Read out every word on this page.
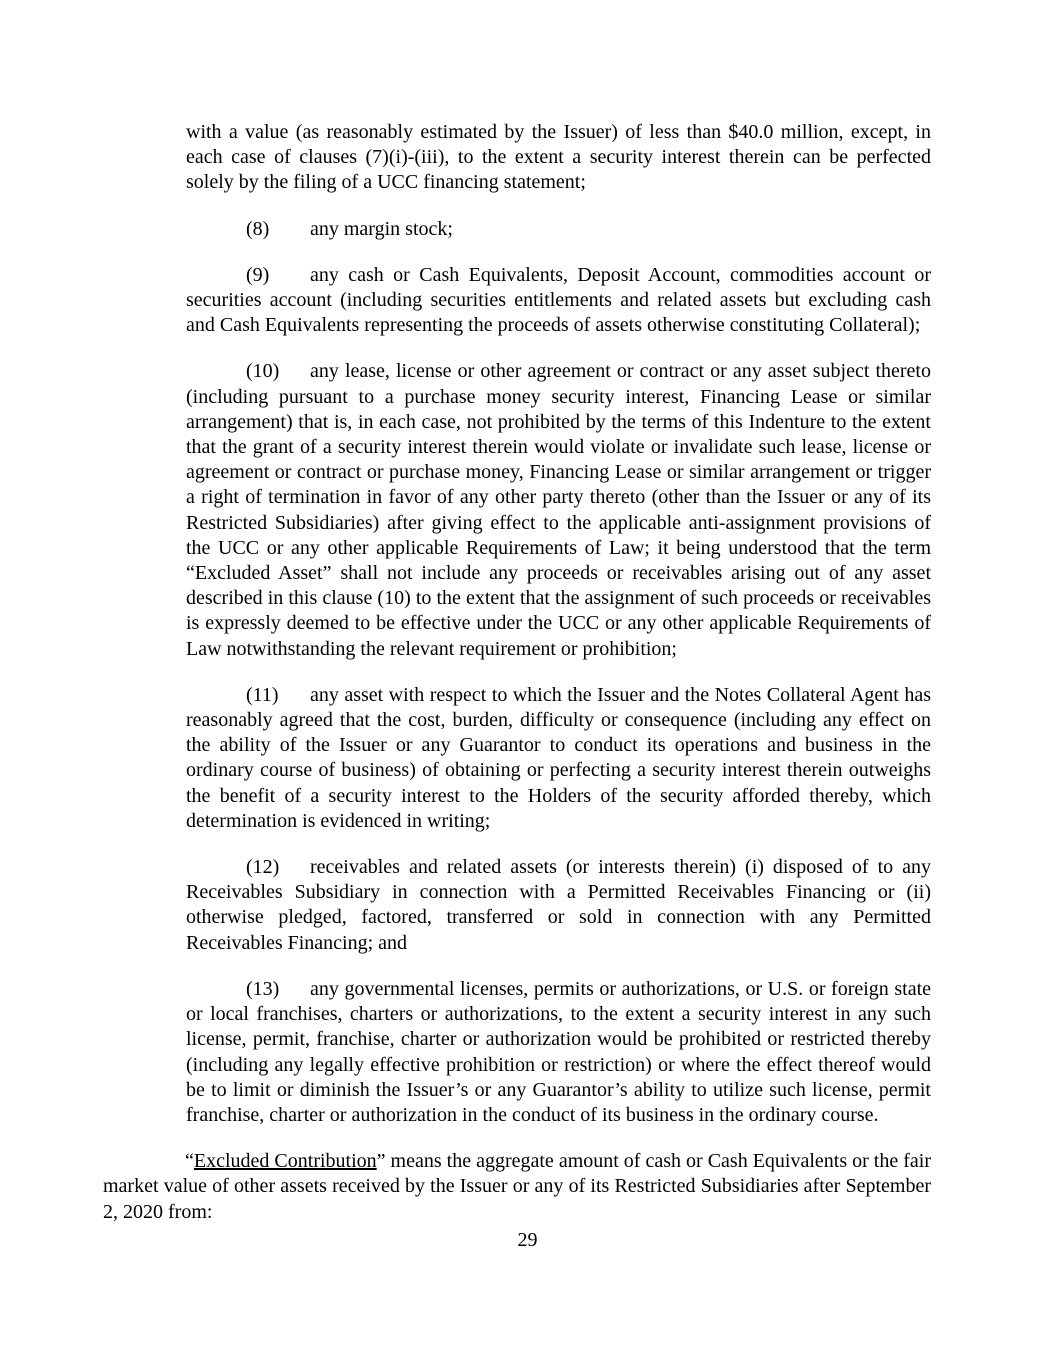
with a value (as reasonably estimated by the Issuer) of less than $40.0 million, except, in each case of clauses (7)(i)-(iii), to the extent a security interest therein can be perfected solely by the filing of a UCC financing statement;

(8) any margin stock;

(9) any cash or Cash Equivalents, Deposit Account, commodities account or securities account (including securities entitlements and related assets but excluding cash and Cash Equivalents representing the proceeds of assets otherwise constituting Collateral);

(10) any lease, license or other agreement or contract or any asset subject thereto (including pursuant to a purchase money security interest, Financing Lease or similar arrangement) that is, in each case, not prohibited by the terms of this Indenture to the extent that the grant of a security interest therein would violate or invalidate such lease, license or agreement or contract or purchase money, Financing Lease or similar arrangement or trigger a right of termination in favor of any other party thereto (other than the Issuer or any of its Restricted Subsidiaries) after giving effect to the applicable anti-assignment provisions of the UCC or any other applicable Requirements of Law; it being understood that the term “Excluded Asset” shall not include any proceeds or receivables arising out of any asset described in this clause (10) to the extent that the assignment of such proceeds or receivables is expressly deemed to be effective under the UCC or any other applicable Requirements of Law notwithstanding the relevant requirement or prohibition;

(11) any asset with respect to which the Issuer and the Notes Collateral Agent has reasonably agreed that the cost, burden, difficulty or consequence (including any effect on the ability of the Issuer or any Guarantor to conduct its operations and business in the ordinary course of business) of obtaining or perfecting a security interest therein outweighs the benefit of a security interest to the Holders of the security afforded thereby, which determination is evidenced in writing;

(12) receivables and related assets (or interests therein) (i) disposed of to any Receivables Subsidiary in connection with a Permitted Receivables Financing or (ii) otherwise pledged, factored, transferred or sold in connection with any Permitted Receivables Financing; and

(13) any governmental licenses, permits or authorizations, or U.S. or foreign state or local franchises, charters or authorizations, to the extent a security interest in any such license, permit, franchise, charter or authorization would be prohibited or restricted thereby (including any legally effective prohibition or restriction) or where the effect thereof would be to limit or diminish the Issuer’s or any Guarantor’s ability to utilize such license, permit franchise, charter or authorization in the conduct of its business in the ordinary course.

“Excluded Contribution” means the aggregate amount of cash or Cash Equivalents or the fair market value of other assets received by the Issuer or any of its Restricted Subsidiaries after September 2, 2020 from:

29
